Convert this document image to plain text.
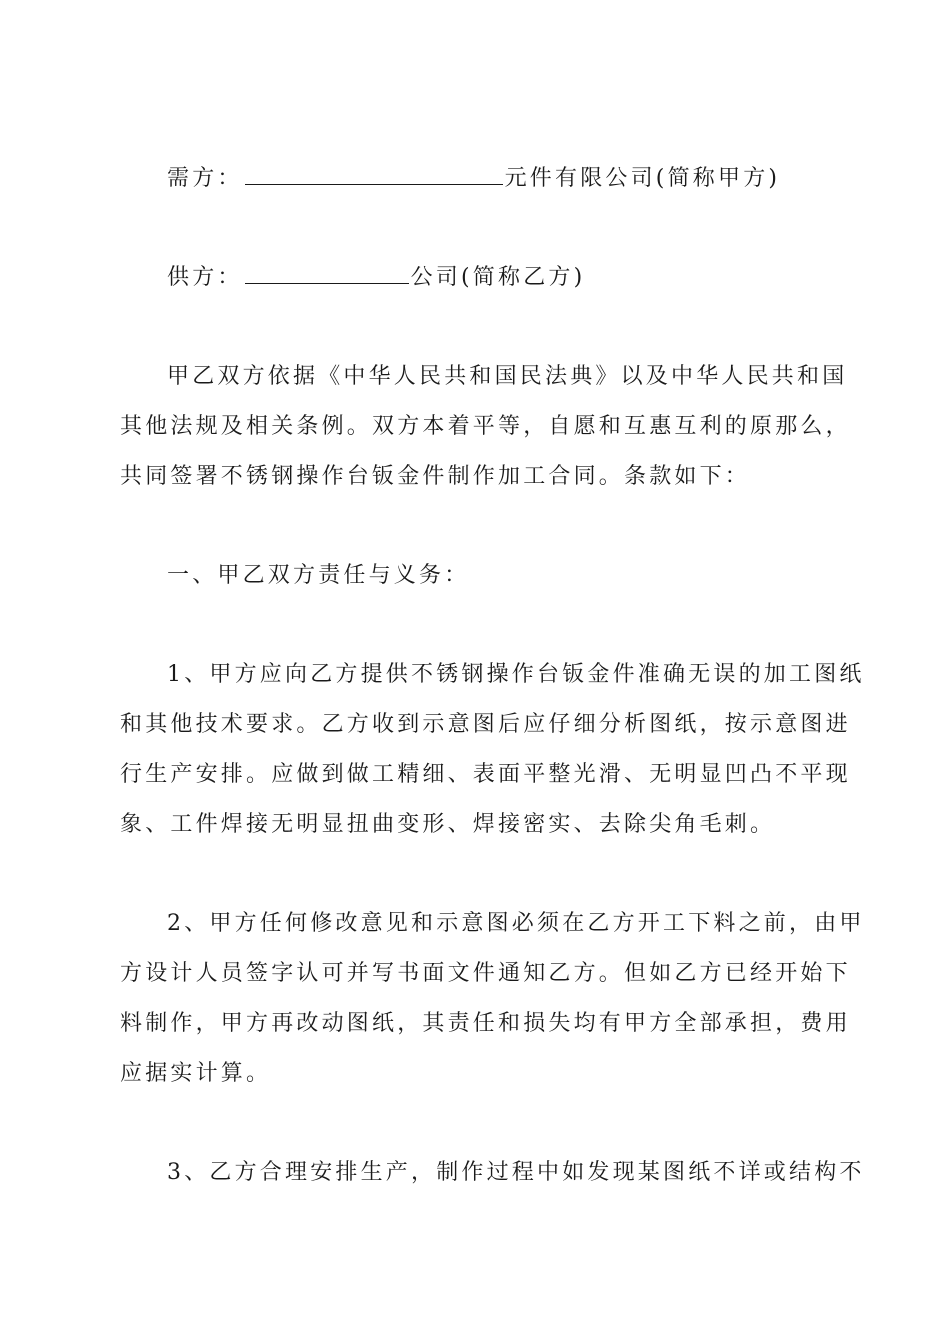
需方：	元件有限公司(简称甲方)
供方：	公司(简称乙方)
甲乙双方依据《中华人民共和国民法典》以及中华人民共和国
其他法规及相关条例。双方本着平等，自愿和互惠互利的原那么，
共同签署不锈钢操作台钣金件制作加工合同。条款如下：
一、甲乙双方责任与义务：
1、甲方应向乙方提供不锈钢操作台钣金件准确无误的加工图纸
和其他技术要求。乙方收到示意图后应仔细分析图纸，按示意图进
行生产安排。应做到做工精细、表面平整光滑、无明显凹凸不平现
象、工件焊接无明显扭曲变形、焊接密实、去除尖角毛刺。
2、甲方任何修改意见和示意图必须在乙方开工下料之前，由甲
方设计人员签字认可并写书面文件通知乙方。但如乙方已经开始下
料制作，甲方再改动图纸，其责任和损失均有甲方全部承担，费用
应据实计算。
3、乙方合理安排生产，制作过程中如发现某图纸不详或结构不
